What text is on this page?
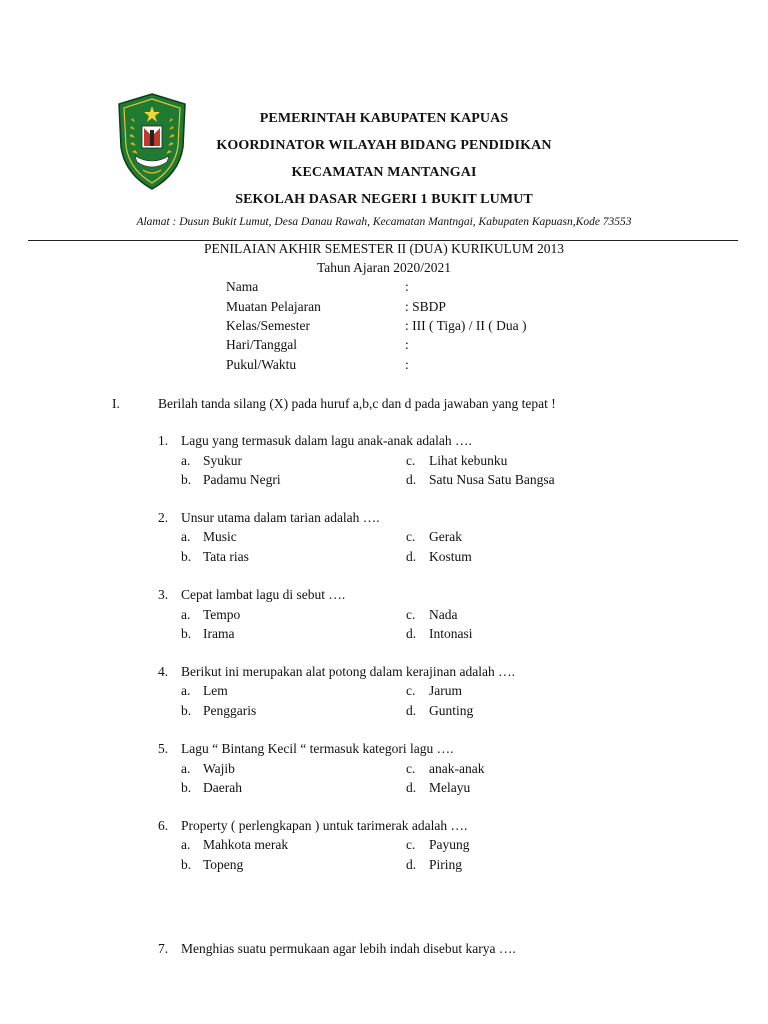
PEMERINTAH KABUPATEN KAPUAS
KOORDINATOR WILAYAH BIDANG PENDIDIKAN
KECAMATAN MANTANGAI
SEKOLAH DASAR NEGERI 1 BUKIT LUMUT
Alamat : Dusun Bukit Lumut, Desa Danau Rawah, Kecamatan Mantngai, Kabupaten Kapuasn,Kode 73553
PENILAIAN AKHIR SEMESTER II (DUA) KURIKULUM 2013
Tahun Ajaran 2020/2021
Nama	:
Muatan Pelajaran	: SBDP
Kelas/Semester	: III ( Tiga) / II ( Dua )
Hari/Tanggal	:
Pukul/Waktu	:
I.	Berilah tanda silang (X) pada huruf a,b,c dan d pada jawaban yang tepat !
1. Lagu yang termasuk dalam lagu anak-anak adalah ….
a. Syukur	c. Lihat kebunku
b. Padamu Negri	d. Satu Nusa Satu Bangsa
2. Unsur utama dalam tarian adalah ….
a. Music	c. Gerak
b. Tata rias	d. Kostum
3. Cepat lambat lagu di sebut ….
a. Tempo	c. Nada
b. Irama	d. Intonasi
4. Berikut ini merupakan alat potong dalam kerajinan adalah ….
a. Lem	c. Jarum
b. Penggaris	d. Gunting
5. Lagu “ Bintang Kecil “ termasuk kategori lagu ….
a. Wajib	c. anak-anak
b. Daerah	d. Melayu
6. Property ( perlengkapan ) untuk tarimerak adalah ….
a. Mahkota merak	c. Payung
b. Topeng	d. Piring
7. Menghias suatu permukaan agar lebih indah disebut karya ….
